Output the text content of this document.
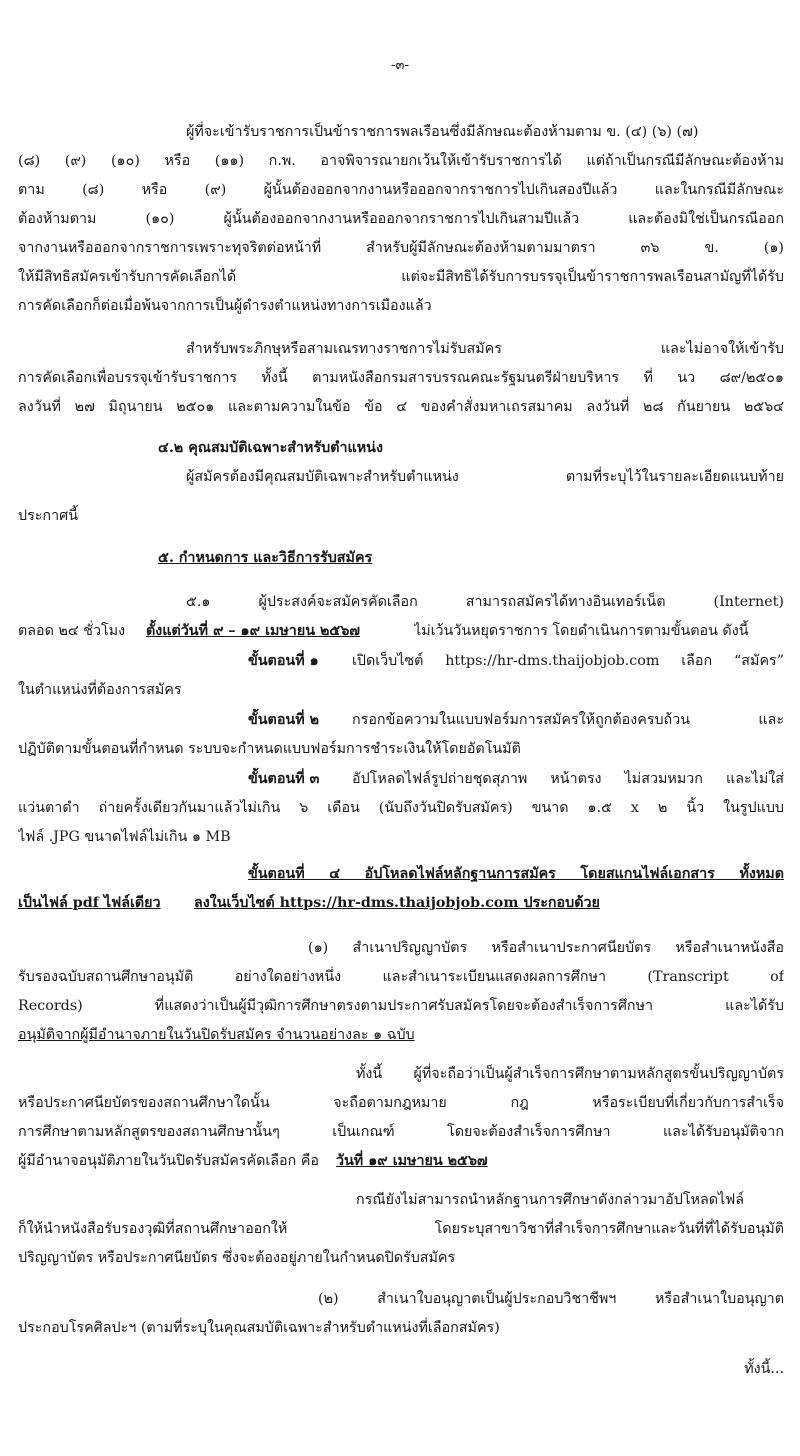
-๓-
ผู้ที่จะเข้ารับราชการเป็นข้าราชการพลเรือนซึ่งมีลักษณะต้องห้ามตาม ข. (๔) (๖) (๗)
(๘) (๙) (๑๐) หรือ (๑๑) ก.พ. อาจพิจารณายกเว้นให้เข้ารับราชการได้ แต่ถ้าเป็นกรณีมีลักษณะต้องห้าม
ตาม (๘) หรือ (๙) ผู้นั้นต้องออกจากงานหรือออกจากราชการไปเกินสองปีแล้ว และในกรณีมีลักษณะ
ต้องห้ามตาม (๑๐) ผู้นั้นต้องออกจากงานหรือออกจากราชการไปเกินสามปีแล้ว และต้องมิใช่เป็นกรณีออก
จากงานหรือออกจากราชการเพราะทุจริตต่อหน้าที่ สำหรับผู้มีลักษณะต้องห้ามตามมาตรา ๓๖ ข. (๑)
ให้มีสิทธิสมัครเข้ารับการคัดเลือกได้ แต่จะมีสิทธิได้รับการบรรจุเป็นข้าราชการพลเรือนสามัญที่ได้รับ
การคัดเลือกก็ต่อเมื่อพ้นจากการเป็นผู้ดำรงตำแหน่งทางการเมืองแล้ว
สำหรับพระภิกษุหรือสามเณรทางราชการไม่รับสมัคร และไม่อาจให้เข้ารับ
การคัดเลือกเพื่อบรรจุเข้ารับราชการ ทั้งนี้ ตามหนังสือกรมสารบรรณคณะรัฐมนตรีฝ่ายบริหาร ที่ นว ๘๙/๒๕๐๑
ลงวันที่ ๒๗ มิถุนายน ๒๕๐๑ และตามความในข้อ ข้อ ๔ ของคำสั่งมหาเถรสมาคม ลงวันที่ ๒๘ กันยายน ๒๕๖๔
๔.๒ คุณสมบัติเฉพาะสำหรับตำแหน่ง
ผู้สมัครต้องมีคุณสมบัติเฉพาะสำหรับตำแหน่ง ตามที่ระบุไว้ในรายละเอียดแนบท้าย
ประกาศนี้
๕. กำหนดการ และวิธีการรับสมัคร
๕.๑ ผู้ประสงค์จะสมัครคัดเลือก สามารถสมัครได้ทางอินเทอร์เน็ต (Internet)
ตลอด ๒๔ ชั่วโมง	ตั้งแต่วันที่ ๙ – ๑๙ เมษายน ๒๕๖๗	ไม่เว้นวันหยุดราชการ โดยดำเนินการตามขั้นตอน ดังนี้
ขั้นตอนที่ ๑	เปิดเว็บไซต์ https://hr-dms.thaijobjob.com เลือก “สมัคร”
ในตำแหน่งที่ต้องการสมัคร
ขั้นตอนที่ ๒	กรอกข้อความในแบบฟอร์มการสมัครให้ถูกต้องครบถ้วน และ
ปฏิบัติตามขั้นตอนที่กำหนด ระบบจะกำหนดแบบฟอร์มการชำระเงินให้โดยอัตโนมัติ
ขั้นตอนที่ ๓	อัปโหลดไฟล์รูปถ่ายชุดสุภาพ หน้าตรง ไม่สวมหมวก และไม่ใส่
แว่นตาดำ ถ่ายครั้งเดียวกันมาแล้วไม่เกิน ๖ เดือน (นับถึงวันปิดรับสมัคร) ขนาด ๑.๕ x ๒ นิ้ว ในรูปแบบ
ไฟล์ .JPG ขนาดไฟล์ไม่เกิน ๑ MB
ขั้นตอนที่ ๔ อัปโหลดไฟล์หลักฐานการสมัคร โดยสแกนไฟล์เอกสาร ทั้งหมด
เป็นไฟล์ pdf ไฟล์เดียว	ลงในเว็บไซต์ https://hr-dms.thaijobjob.com ประกอบด้วย
(๑) สำเนาปริญญาบัตร หรือสำเนาประกาศนียบัตร หรือสำเนาหนังสือ
รับรองฉบับสถานศึกษาอนุมัติ อย่างใดอย่างหนึ่ง และสำเนาระเบียนแสดงผลการศึกษา (Transcript of
Records) ที่แสดงว่าเป็นผู้มีวุฒิการศึกษาตรงตามประกาศรับสมัครโดยจะต้องสำเร็จการศึกษา และได้รับ
อนุมัติจากผู้มีอำนาจภายในวันปิดรับสมัคร จำนวนอย่างละ ๑ ฉบับ
ทั้งนี้ ผู้ที่จะถือว่าเป็นผู้สำเร็จการศึกษาตามหลักสูตรขั้นปริญญาบัตร
หรือประกาศนียบัตรของสถานศึกษาใดนั้น จะถือตามกฎหมาย กฎ หรือระเบียบที่เกี่ยวกับการสำเร็จ
การศึกษาตามหลักสูตรของสถานศึกษานั้นๆ เป็นเกณฑ์ โดยจะต้องสำเร็จการศึกษา และได้รับอนุมัติจาก
ผู้มีอำนาจอนุมัติภายในวันปิดรับสมัครคัดเลือก คือ	วันที่ ๑๙ เมษายน ๒๕๖๗
กรณียังไม่สามารถนำหลักฐานการศึกษาดังกล่าวมาอัปโหลดไฟล์
ก็ให้นำหนังสือรับรองวุฒิที่สถานศึกษาออกให้ โดยระบุสาขาวิชาที่สำเร็จการศึกษาและวันที่ที่ได้รับอนุมัติ
ปริญญาบัตร หรือประกาศนียบัตร ซึ่งจะต้องอยู่ภายในกำหนดปิดรับสมัคร
(๒) สำเนาใบอนุญาตเป็นผู้ประกอบวิชาชีพฯ หรือสำเนาใบอนุญาต
ประกอบโรคศิลปะฯ (ตามที่ระบุในคุณสมบัติเฉพาะสำหรับตำแหน่งที่เลือกสมัคร)
ทั้งนี้...
